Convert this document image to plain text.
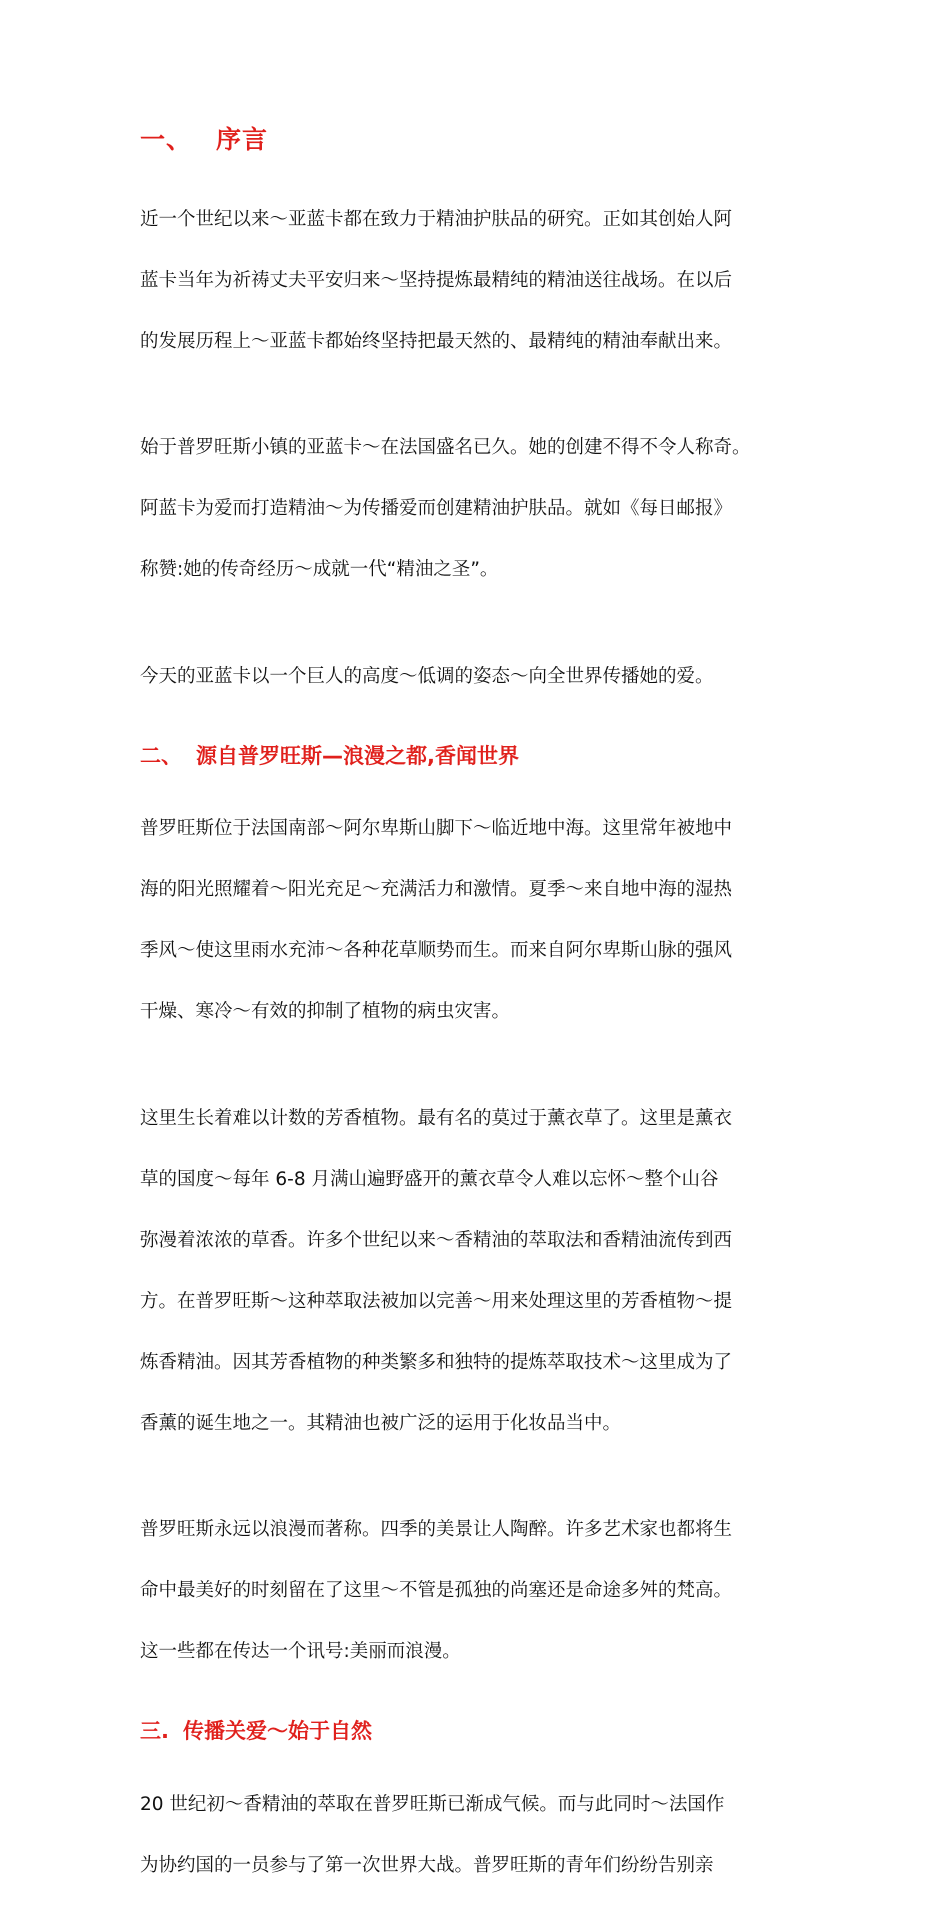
一、 序言

近一个世纪以来～亚蓝卡都在致力于精油护肤品的研究。正如其创始人阿

蓝卡当年为祈祷丈夫平安归来～坚持提炼最精纯的精油送往战场。在以后

的发展历程上～亚蓝卡都始终坚持把最天然的、最精纯的精油奉献出来。

始于普罗旺斯小镇的亚蓝卡～在法国盛名已久。她的创建不得不令人称奇。

阿蓝卡为爱而打造精油～为传播爱而创建精油护肤品。就如《每日邮报》

称赞:她的传奇经历～成就一代“精油之圣”。

今天的亚蓝卡以一个巨人的高度～低调的姿态～向全世界传播她的爱。

二、 源自普罗旺斯—浪漫之都,香闻世界

普罗旺斯位于法国南部～阿尔卑斯山脚下～临近地中海。这里常年被地中

海的阳光照耀着～阳光充足～充满活力和激情。夏季～来自地中海的湿热

季风～使这里雨水充沛～各种花草顺势而生。而来自阿尔卑斯山脉的强风

干燥、寒冷～有效的抑制了植物的病虫灾害。

这里生长着难以计数的芳香植物。最有名的莫过于薰衣草了。这里是薰衣

草的国度～每年 6-8 月满山遍野盛开的薰衣草令人难以忘怀～整个山谷

弥漫着浓浓的草香。许多个世纪以来～香精油的萃取法和香精油流传到西

方。在普罗旺斯～这种萃取法被加以完善～用来处理这里的芳香植物～提

炼香精油。因其芳香植物的种类繁多和独特的提炼萃取技术～这里成为了

香薰的诞生地之一。其精油也被广泛的运用于化妆品当中。

普罗旺斯永远以浪漫而著称。四季的美景让人陶醉。许多艺术家也都将生

命中最美好的时刻留在了这里～不管是孤独的尚塞还是命途多舛的梵高。

这一些都在传达一个讯号:美丽而浪漫。

三. 传播关爱～始于自然

20 世纪初～香精油的萃取在普罗旺斯已渐成气候。而与此同时～法国作

为协约国的一员参与了第一次世界大战。普罗旺斯的青年们纷纷告别亲
